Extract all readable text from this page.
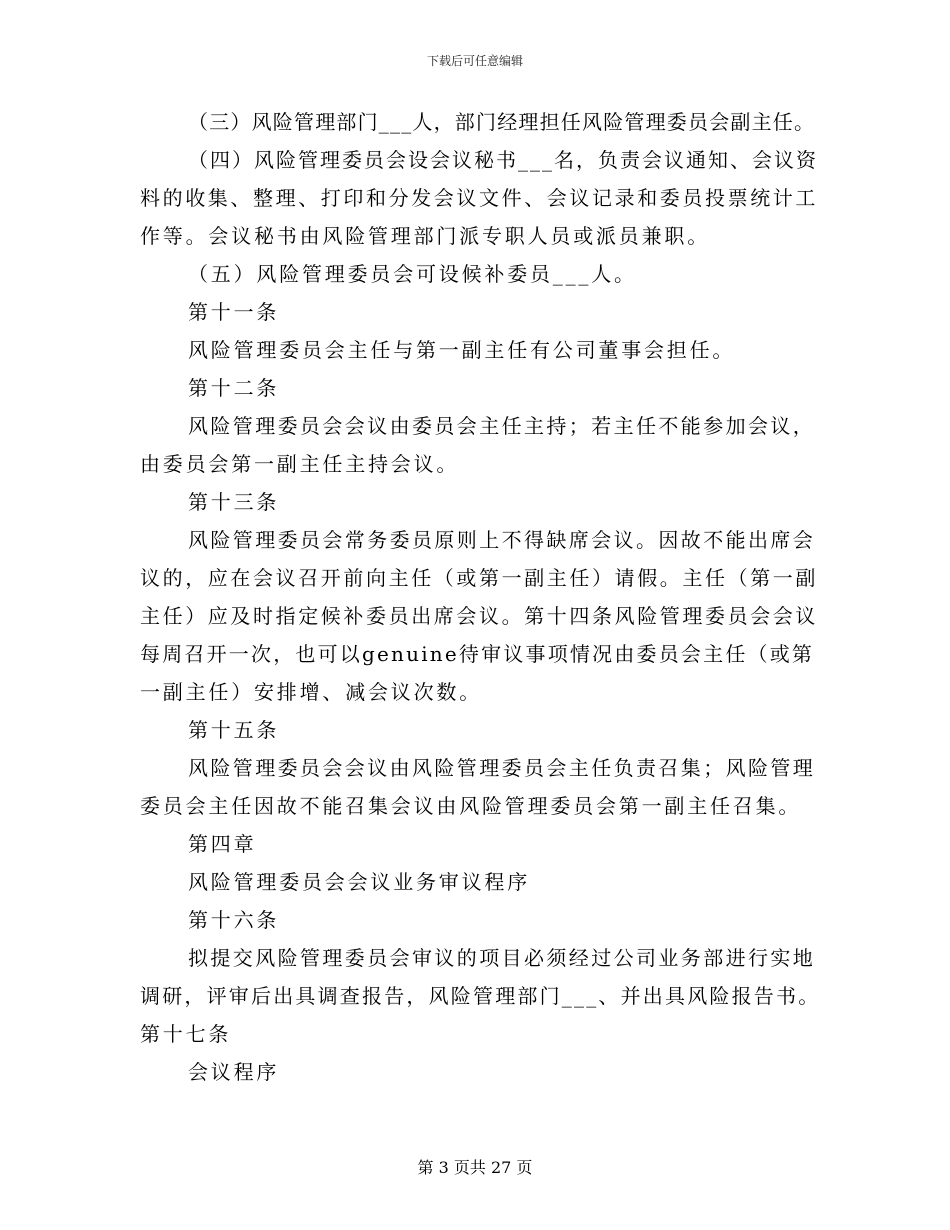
下载后可任意编辑
（三）风险管理部门___人，部门经理担任风险管理委员会副主任。
（四）风险管理委员会设会议秘书___名，负责会议通知、会议资
料的收集、整理、打印和分发会议文件、会议记录和委员投票统计工
作等。会议秘书由风险管理部门派专职人员或派员兼职。
（五）风险管理委员会可设候补委员___人。
第十一条
风险管理委员会主任与第一副主任有公司董事会担任。
第十二条
风险管理委员会会议由委员会主任主持；若主任不能参加会议，
由委员会第一副主任主持会议。
第十三条
风险管理委员会常务委员原则上不得缺席会议。因故不能出席会
议的，应在会议召开前向主任（或第一副主任）请假。主任（第一副
主任）应及时指定候补委员出席会议。第十四条风险管理委员会会议
每周召开一次，也可以genuine待审议事项情况由委员会主任（或第
一副主任）安排增、减会议次数。
第十五条
风险管理委员会会议由风险管理委员会主任负责召集；风险管理
委员会主任因故不能召集会议由风险管理委员会第一副主任召集。
第四章
风险管理委员会会议业务审议程序
第十六条
拟提交风险管理委员会审议的项目必须经过公司业务部进行实地
调研，评审后出具调查报告，风险管理部门___、并出具风险报告书。
第十七条
会议程序
第 3 页共 27 页
